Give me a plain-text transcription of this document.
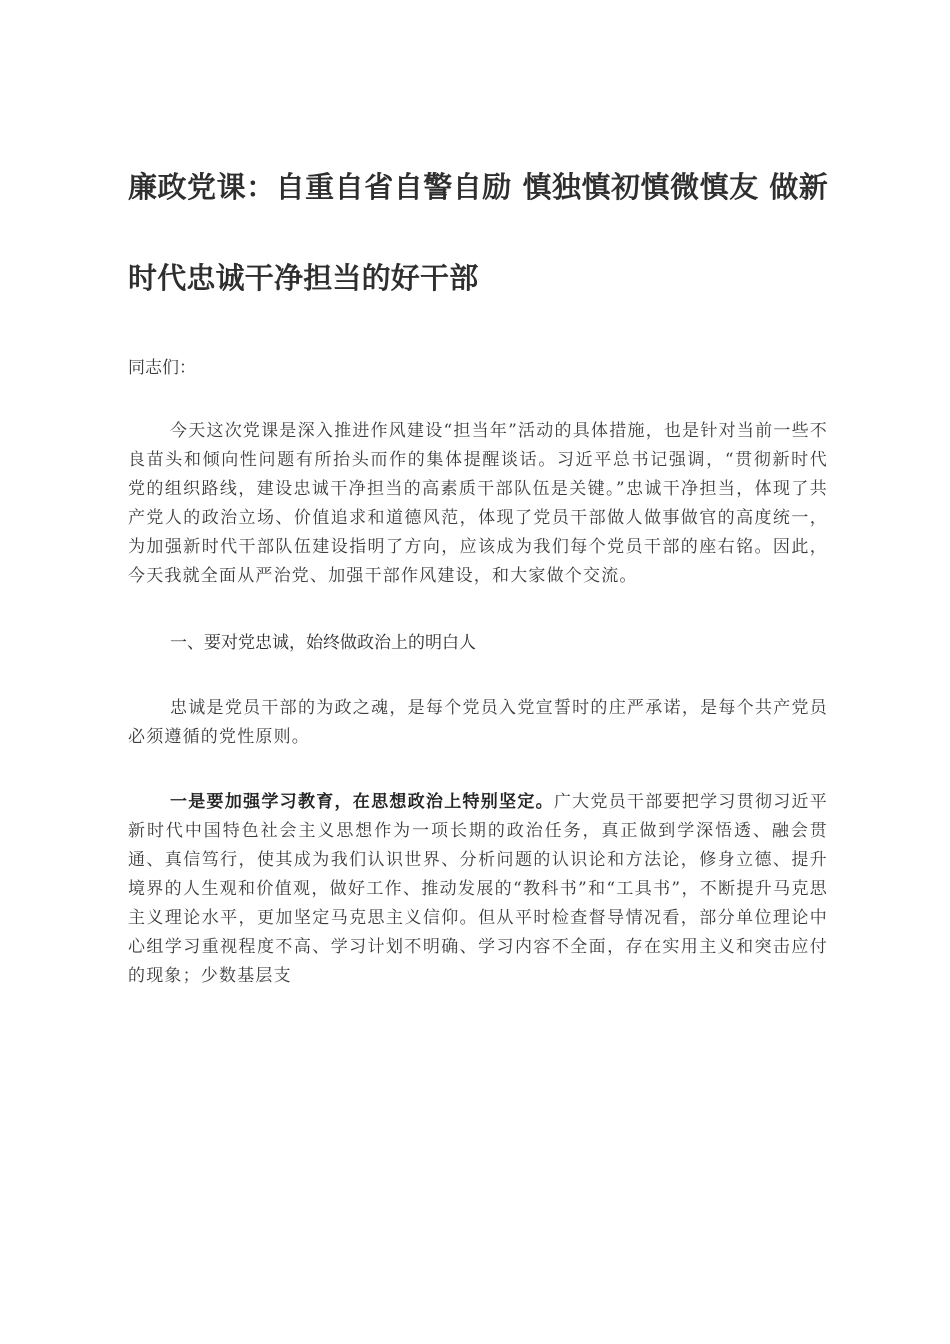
廉政党课：自重自省自警自励 慎独慎初慎微慎友 做新
时代忠诚干净担当的好干部
同志们：

今天这次党课是深入推进作风建设“担当年”活动的具体措施，也是针对当前一些不良苗头和倾向性问题有所抬头而作的集体提醒谈话。习近平总书记强调，“贯彻新时代党的组织路线，建设忠诚干净担当的高素质干部队伍是关键。”忠诚干净担当，体现了共产党人的政治立场、价值追求和道德风范，体现了党员干部做人做事做官的高度统一，为加强新时代干部队伍建设指明了方向，应该成为我们每个党员干部的座右铭。因此，今天我就全面从严治党、加强干部作风建设，和大家做个交流。

一、要对党忠诚，始终做政治上的明白人

忠诚是党员干部的为政之魂，是每个党员入党宣誓时的庄严承诺，是每个共产党员必须遵循的党性原则。

一是要加强学习教育，在思想政治上特别坚定。广大党员干部要把学习贯彻习近平新时代中国特色社会主义思想作为一项长期的政治任务，真正做到学深悟透、融会贯通、真信笃行，使其成为我们认识世界、分析问题的认识论和方法论，修身立德、提升境界的人生观和价值观，做好工作、推动发展的“教科书”和“工具书”，不断提升马克思主义理论水平，更加坚定马克思主义信仰。但从平时检查督导情况看，部分单位理论中心组学习重视程度不高、学习计划不明确、学习内容不全面，存在实用主义和突击应付的现象；少数基层支
